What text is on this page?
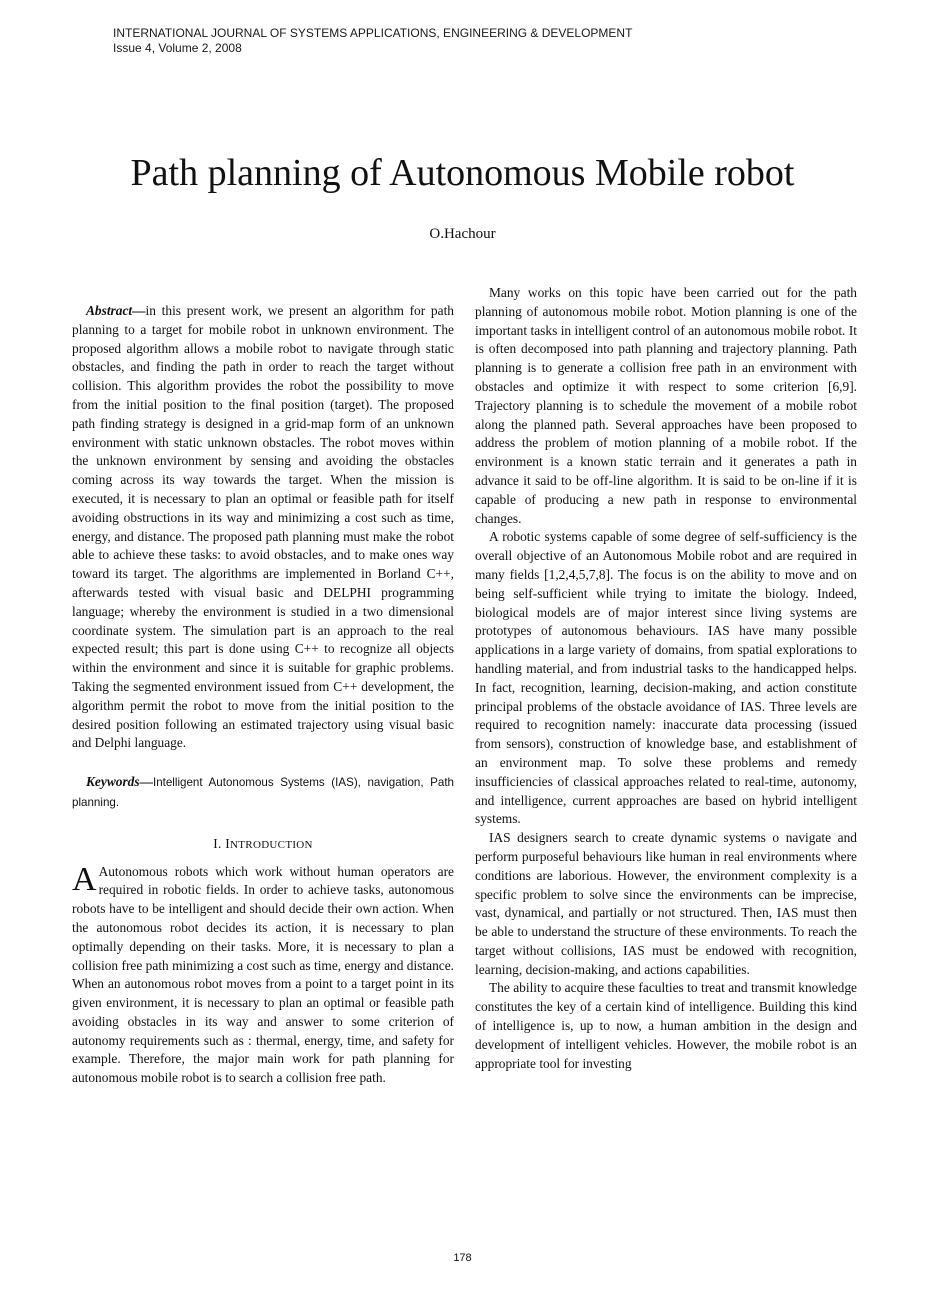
INTERNATIONAL JOURNAL OF SYSTEMS APPLICATIONS, ENGINEERING & DEVELOPMENT
Issue 4, Volume 2, 2008
Path planning of Autonomous Mobile robot
O.Hachour

Abstract—in this present work, we present an algorithm for path planning to a target for mobile robot in unknown environment. The proposed algorithm allows a mobile robot to navigate through static obstacles, and finding the path in order to reach the target without collision. This algorithm provides the robot the possibility to move from the initial position to the final position (target). The proposed path finding strategy is designed in a grid-map form of an unknown environment with static unknown obstacles. The robot moves within the unknown environment by sensing and avoiding the obstacles coming across its way towards the target. When the mission is executed, it is necessary to plan an optimal or feasible path for itself avoiding obstructions in its way and minimizing a cost such as time, energy, and distance. The proposed path planning must make the robot able to achieve these tasks: to avoid obstacles, and to make ones way toward its target. The algorithms are implemented in Borland C++, afterwards tested with visual basic and DELPHI programming language; whereby the environment is studied in a two dimensional coordinate system. The simulation part is an approach to the real expected result; this part is done using C++ to recognize all objects within the environment and since it is suitable for graphic problems. Taking the segmented environment issued from C++ development, the algorithm permit the robot to move from the initial position to the desired position following an estimated trajectory using visual basic and Delphi language.

Keywords—Intelligent Autonomous Systems (IAS), navigation, Path planning.

I. INTRODUCTION

A Autonomous robots which work without human operators are required in robotic fields. In order to achieve tasks, autonomous robots have to be intelligent and should decide their own action. When the autonomous robot decides its action, it is necessary to plan optimally depending on their tasks. More, it is necessary to plan a collision free path minimizing a cost such as time, energy and distance. When an autonomous robot moves from a point to a target point in its given environment, it is necessary to plan an optimal or feasible path avoiding obstacles in its way and answer to some criterion of autonomy requirements such as : thermal, energy, time, and safety for example. Therefore, the major main work for path planning for autonomous mobile robot is to search a collision free path.

Many works on this topic have been carried out for the path planning of autonomous mobile robot. Motion planning is one of the important tasks in intelligent control of an autonomous mobile robot. It is often decomposed into path planning and trajectory planning. Path planning is to generate a collision free path in an environment with obstacles and optimize it with respect to some criterion [6,9]. Trajectory planning is to schedule the movement of a mobile robot along the planned path. Several approaches have been proposed to address the problem of motion planning of a mobile robot. If the environment is a known static terrain and it generates a path in advance it said to be off-line algorithm. It is said to be on-line if it is capable of producing a new path in response to environmental changes.

A robotic systems capable of some degree of self-sufficiency is the overall objective of an Autonomous Mobile robot and are required in many fields [1,2,4,5,7,8]. The focus is on the ability to move and on being self-sufficient while trying to imitate the biology. Indeed, biological models are of major interest since living systems are prototypes of autonomous behaviours. IAS have many possible applications in a large variety of domains, from spatial explorations to handling material, and from industrial tasks to the handicapped helps. In fact, recognition, learning, decision-making, and action constitute principal problems of the obstacle avoidance of IAS. Three levels are required to recognition namely: inaccurate data processing (issued from sensors), construction of knowledge base, and establishment of an environment map. To solve these problems and remedy insufficiencies of classical approaches related to real-time, autonomy, and intelligence, current approaches are based on hybrid intelligent systems.

IAS designers search to create dynamic systems o navigate and perform purposeful behaviours like human in real environments where conditions are laborious. However, the environment complexity is a specific problem to solve since the environments can be imprecise, vast, dynamical, and partially or not structured. Then, IAS must then be able to understand the structure of these environments. To reach the target without collisions, IAS must be endowed with recognition, learning, decision-making, and actions capabilities.

The ability to acquire these faculties to treat and transmit knowledge constitutes the key of a certain kind of intelligence. Building this kind of intelligence is, up to now, a human ambition in the design and development of intelligent vehicles. However, the mobile robot is an appropriate tool for investing

178
